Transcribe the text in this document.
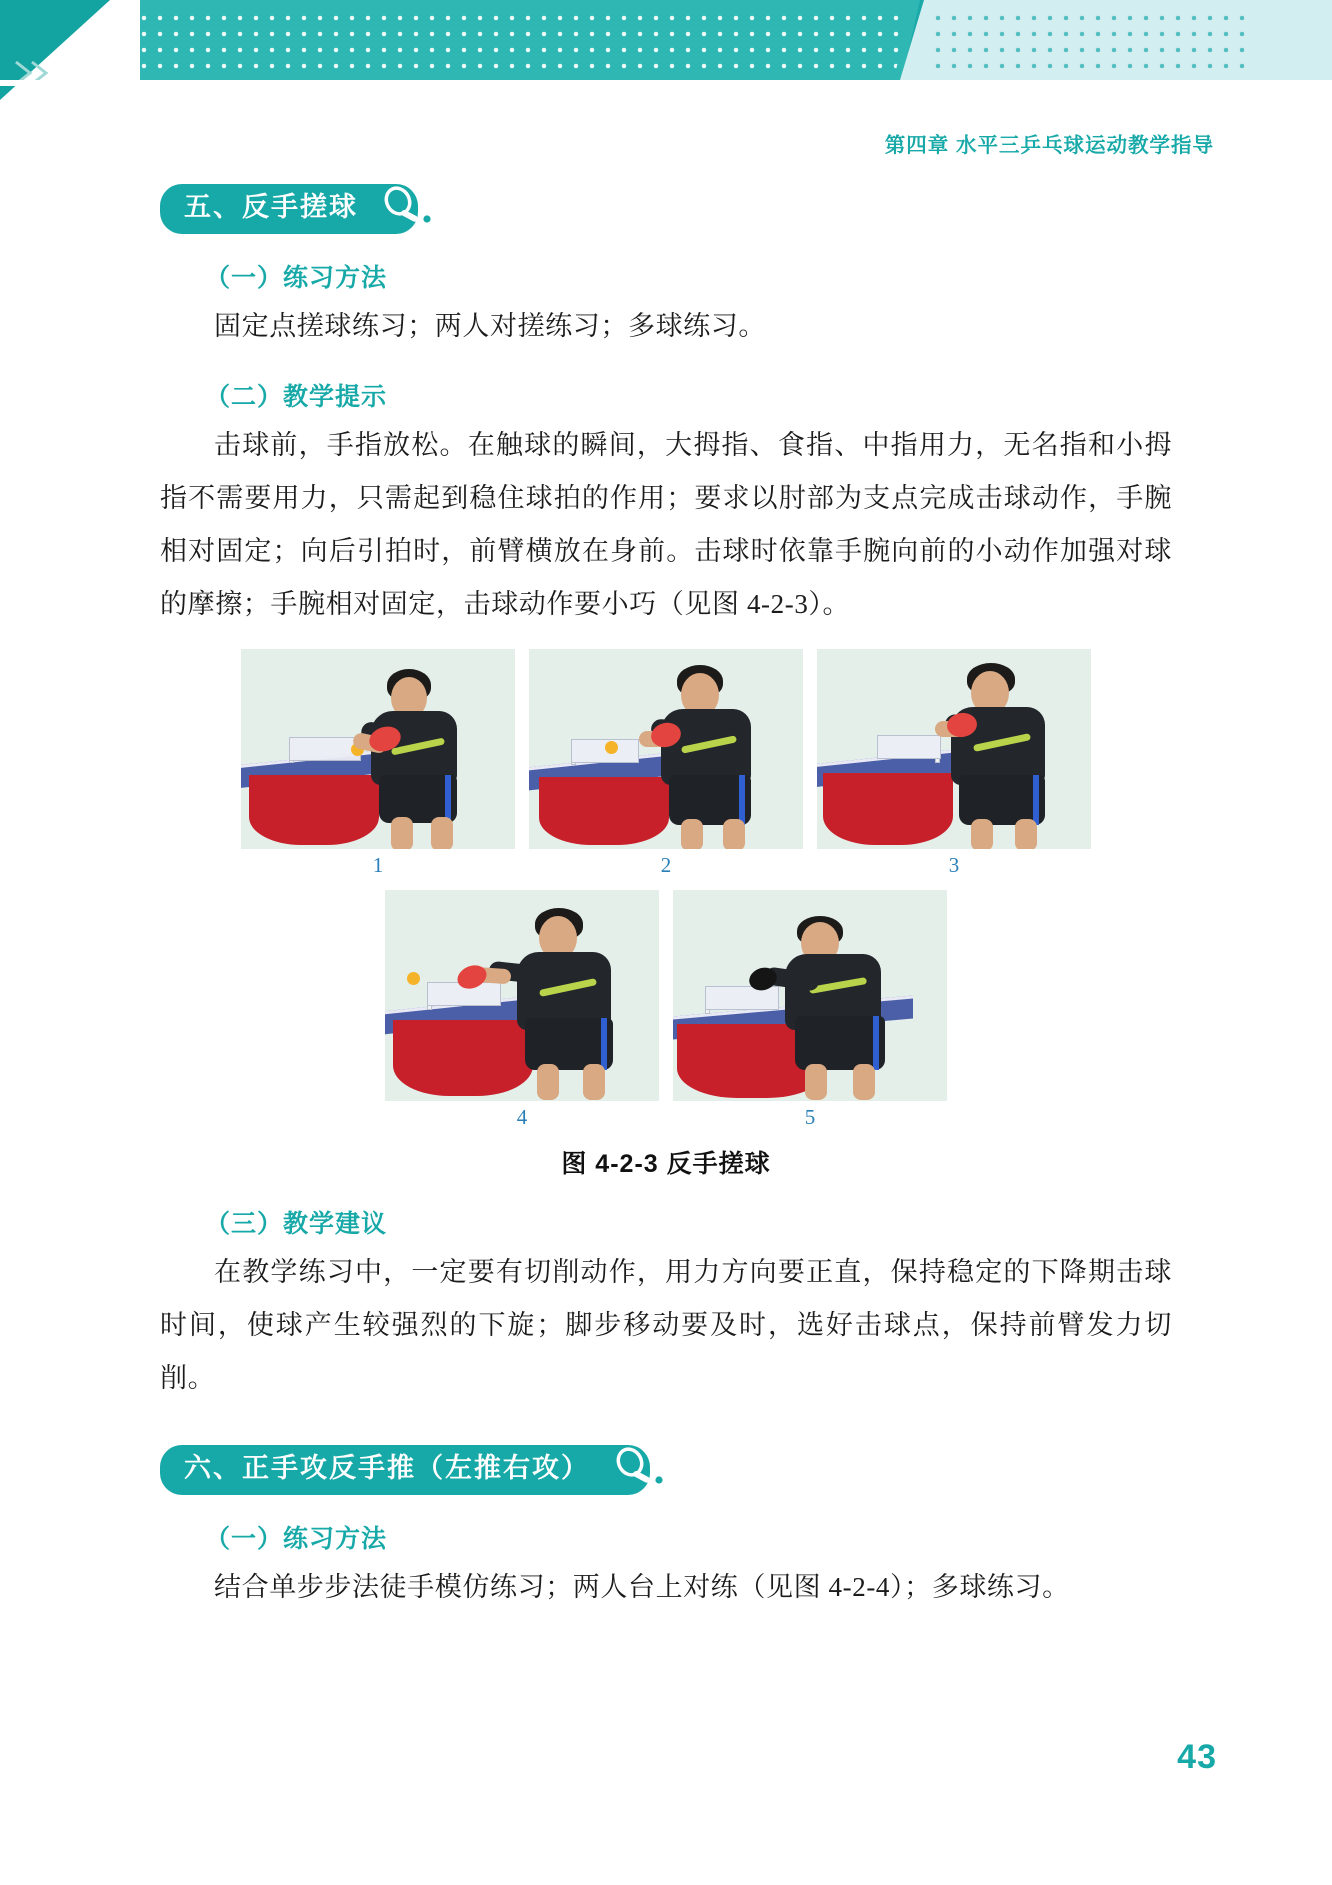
第四章 水平三乒乓球运动教学指导
五、反手搓球
（一）练习方法

固定点搓球练习；两人对搓练习；多球练习。

（二）教学提示

击球前，手指放松。在触球的瞬间，大拇指、食指、中指用力，无名指和小拇指不需要用力，只需起到稳住球拍的作用；要求以肘部为支点完成击球动作，手腕相对固定；向后引拍时，前臂横放在身前。击球时依靠手腕向前的小动作加强对球的摩擦；手腕相对固定，击球动作要小巧（见图 4-2-3）。

1	2	3
4	5
图 4-2-3 反手搓球
（三）教学建议

在教学练习中，一定要有切削动作，用力方向要正直，保持稳定的下降期击球时间，使球产生较强烈的下旋；脚步移动要及时，选好击球点，保持前臂发力切削。

六、正手攻反手推（左推右攻）
（一）练习方法

结合单步步法徒手模仿练习；两人台上对练（见图 4-2-4）；多球练习。

43
